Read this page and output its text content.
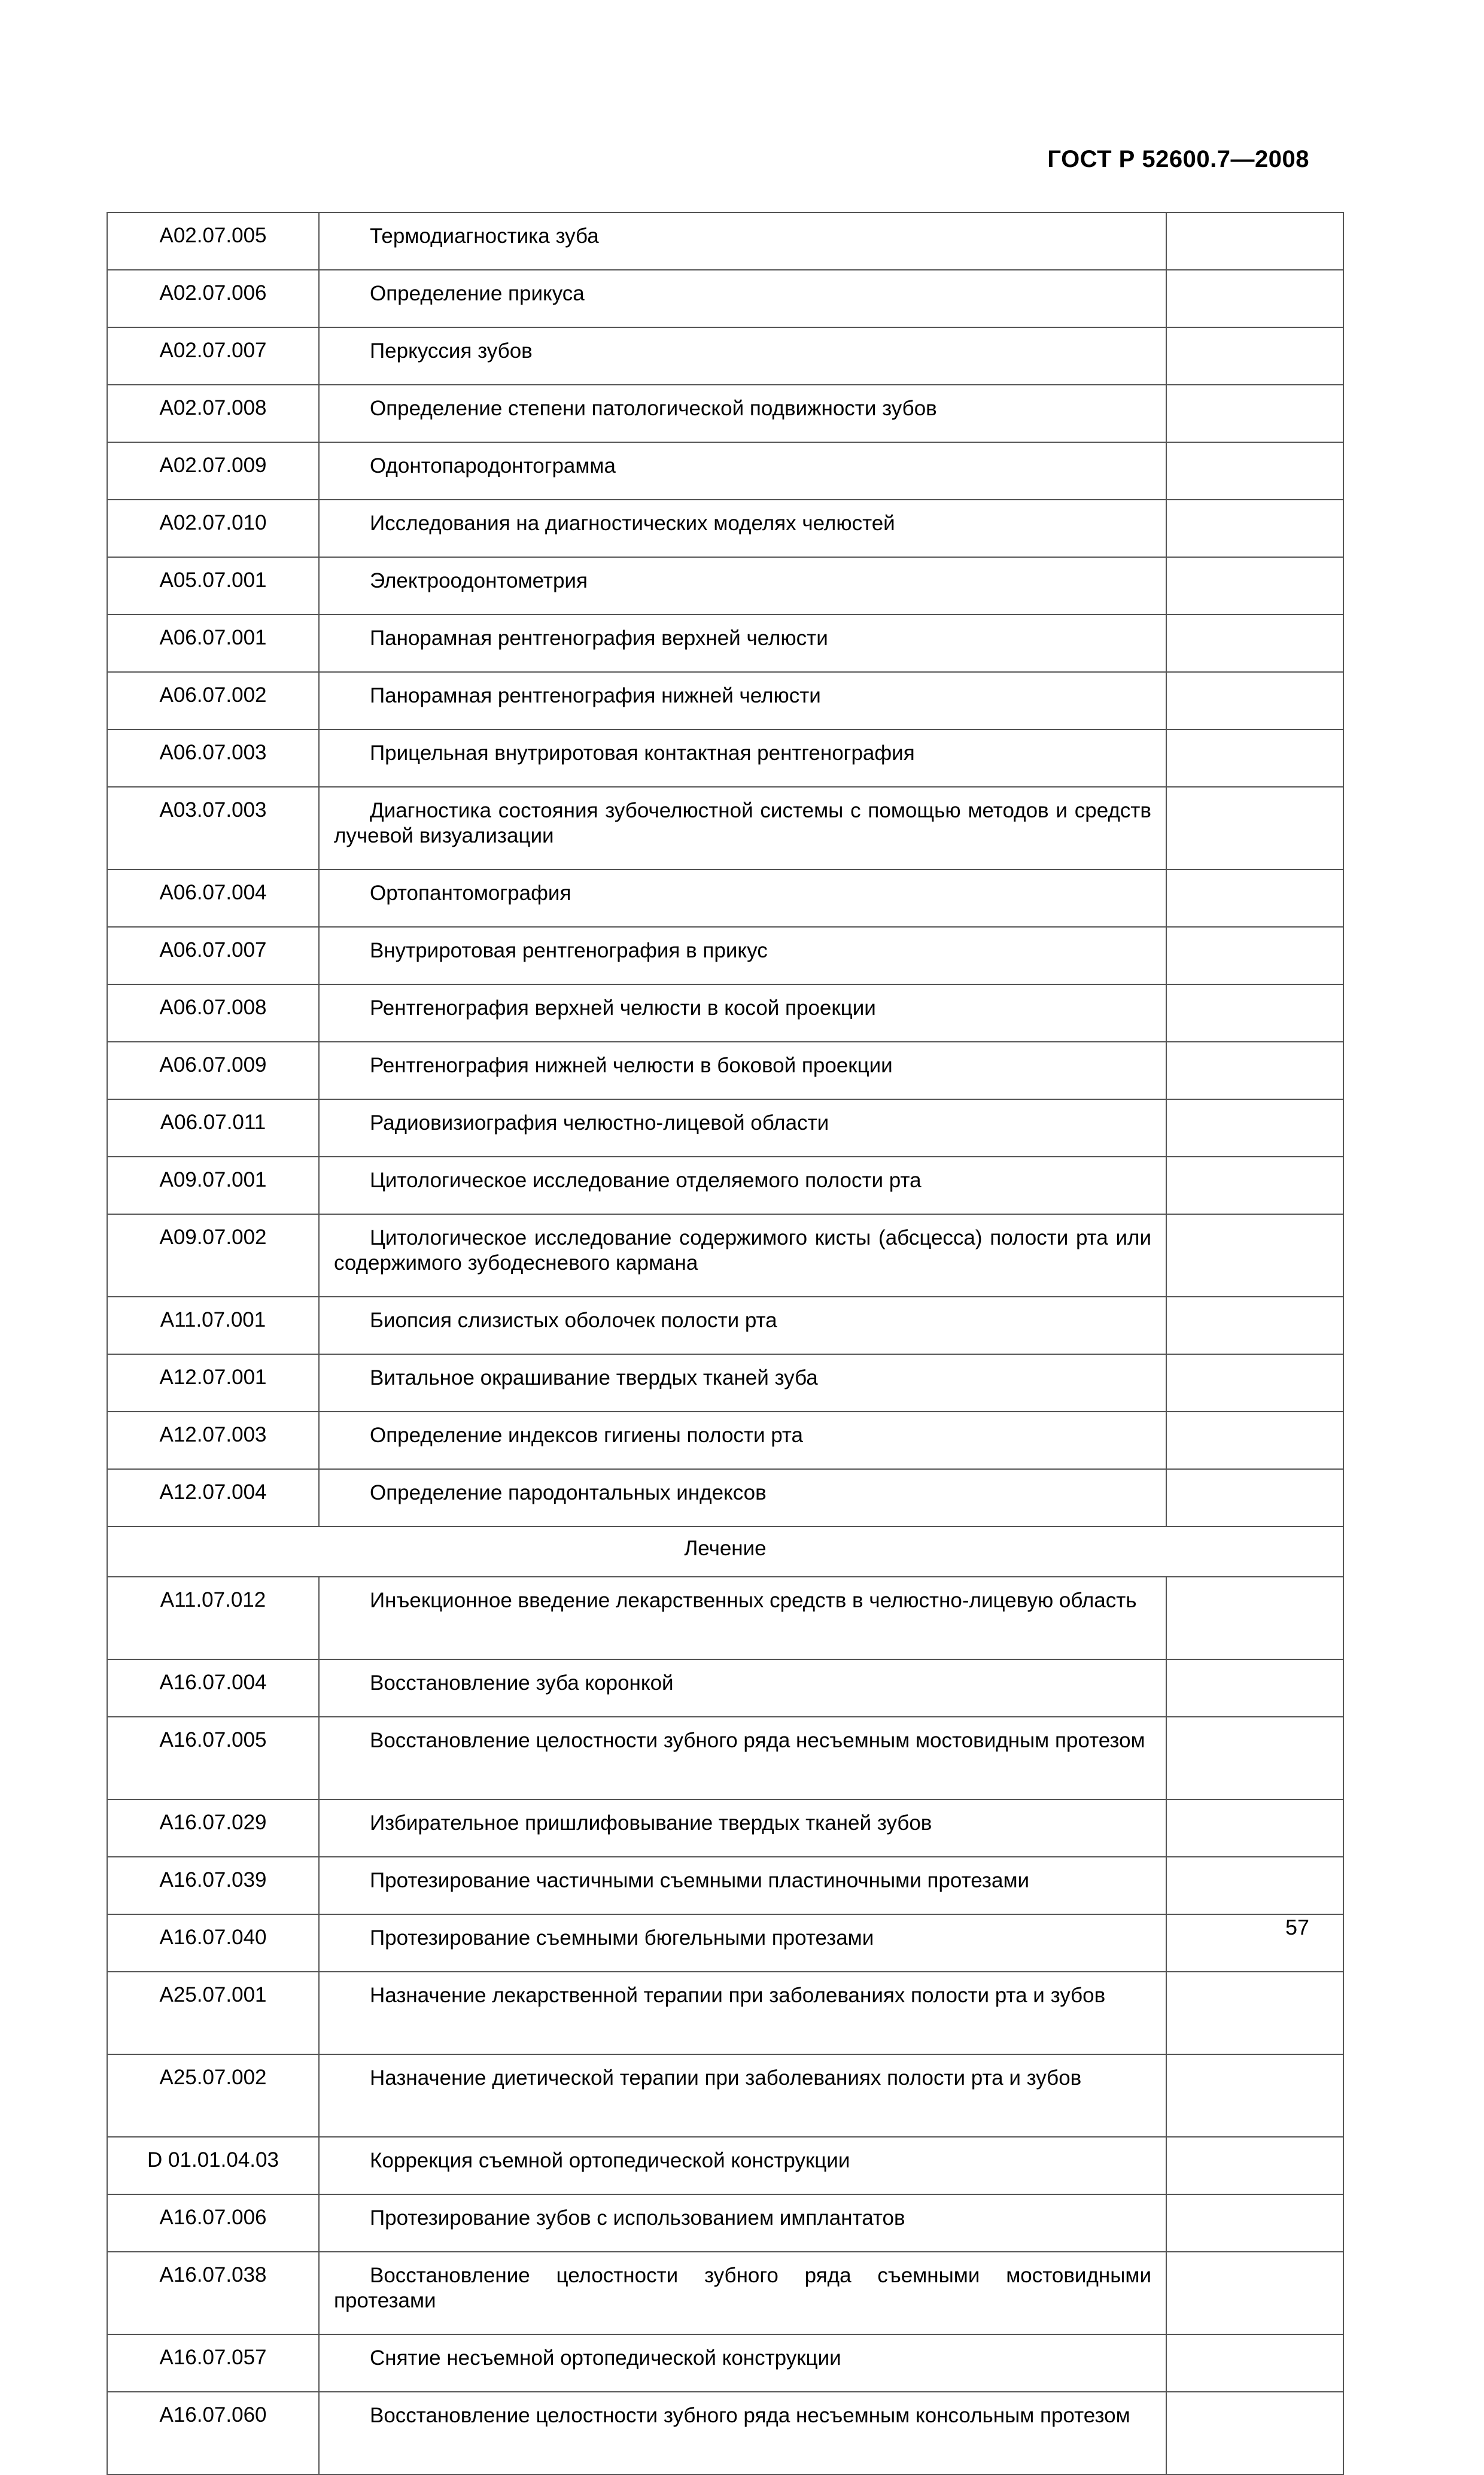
ГОСТ Р 52600.7—2008
A02.07.005	Термодиагностика зуба	
A02.07.006	Определение прикуса	
A02.07.007	Перкуссия зубов	
A02.07.008	Определение степени патологической подвижности зубов	
A02.07.009	Одонтопародонтограмма	
A02.07.010	Исследования на диагностических моделях челюстей	
A05.07.001	Электроодонтометрия	
A06.07.001	Панорамная рентгенография верхней челюсти	
A06.07.002	Панорамная рентгенография нижней челюсти	
A06.07.003	Прицельная внутриротовая контактная рентгенография	
A03.07.003	Диагностика состояния зубочелюстной системы с помощью методов и средств лучевой визуализации	
A06.07.004	Ортопантомография	
A06.07.007	Внутриротовая рентгенография в прикус	
A06.07.008	Рентгенография верхней челюсти в косой проекции	
A06.07.009	Рентгенография нижней челюсти в боковой проекции	
A06.07.011	Радиовизиография челюстно-лицевой области	
A09.07.001	Цитологическое исследование отделяемого полости рта	
A09.07.002	Цитологическое исследование содержимого кисты (абсцесса) полости рта или содержимого зубодесневого кармана	
A11.07.001	Биопсия слизистых оболочек полости рта	
A12.07.001	Витальное окрашивание твердых тканей зуба	
A12.07.003	Определение индексов гигиены полости рта	
A12.07.004	Определение пародонтальных индексов	
Лечение		
A11.07.012	Инъекционное введение лекарственных средств в челюстно-лицевую область	
A16.07.004	Восстановление зуба коронкой	
A16.07.005	Восстановление целостности зубного ряда несъемным мостовидным протезом	
A16.07.029	Избирательное пришлифовывание твердых тканей зубов	
A16.07.039	Протезирование частичными съемными пластиночными протезами	
A16.07.040	Протезирование съемными бюгельными протезами	
A25.07.001	Назначение лекарственной терапии при заболеваниях полости рта и зубов	
A25.07.002	Назначение диетической терапии при заболеваниях полости рта и зубов	
D 01.01.04.03	Коррекция съемной ортопедической конструкции	
A16.07.006	Протезирование зубов с использованием имплантатов	
A16.07.038	Восстановление целостности зубного ряда съемными мостовидными протезами	
A16.07.057	Снятие несъемной ортопедической конструкции	
A16.07.060	Восстановление целостности зубного ряда несъемным консольным протезом	
57
